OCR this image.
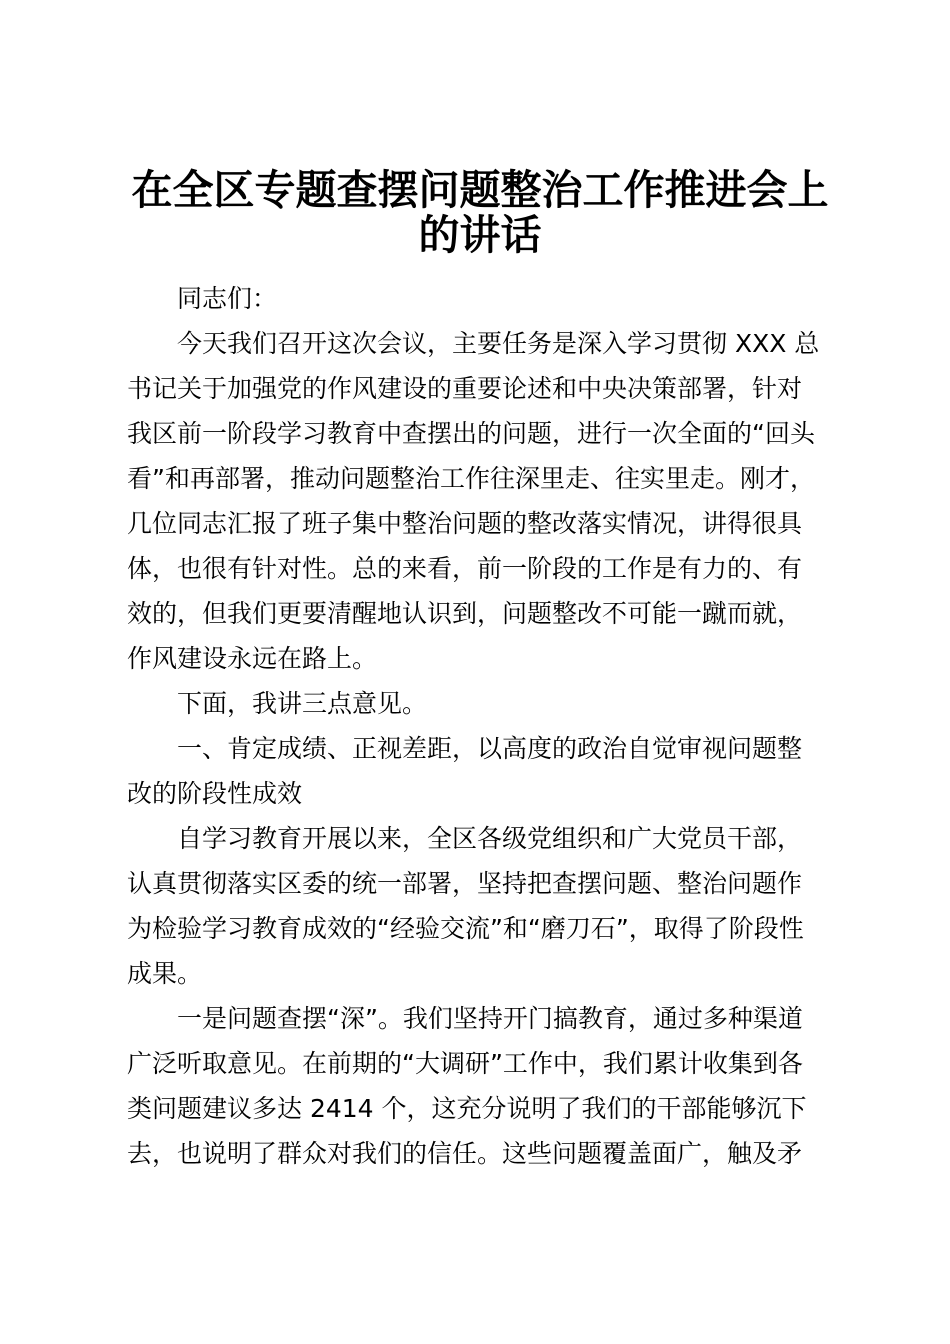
在全区专题查摆问题整治工作推进会上
的讲话
同志们：
今天我们召开这次会议，主要任务是深入学习贯彻 XXX 总
书记关于加强党的作风建设的重要论述和中央决策部署，针对
我区前一阶段学习教育中查摆出的问题，进行一次全面的“回头
看”和再部署，推动问题整治工作往深里走、往实里走。刚才，
几位同志汇报了班子集中整治问题的整改落实情况，讲得很具
体，也很有针对性。总的来看，前一阶段的工作是有力的、有
效的，但我们更要清醒地认识到，问题整改不可能一蹴而就，
作风建设永远在路上。
下面，我讲三点意见。
一、肯定成绩、正视差距，以高度的政治自觉审视问题整
改的阶段性成效
自学习教育开展以来，全区各级党组织和广大党员干部，
认真贯彻落实区委的统一部署，坚持把查摆问题、整治问题作
为检验学习教育成效的“经验交流”和“磨刀石”，取得了阶段性
成果。
一是问题查摆“深”。我们坚持开门搞教育，通过多种渠道
广泛听取意见。在前期的“大调研”工作中，我们累计收集到各
类问题建议多达 2414 个，这充分说明了我们的干部能够沉下
去，也说明了群众对我们的信任。这些问题覆盖面广，触及矛
